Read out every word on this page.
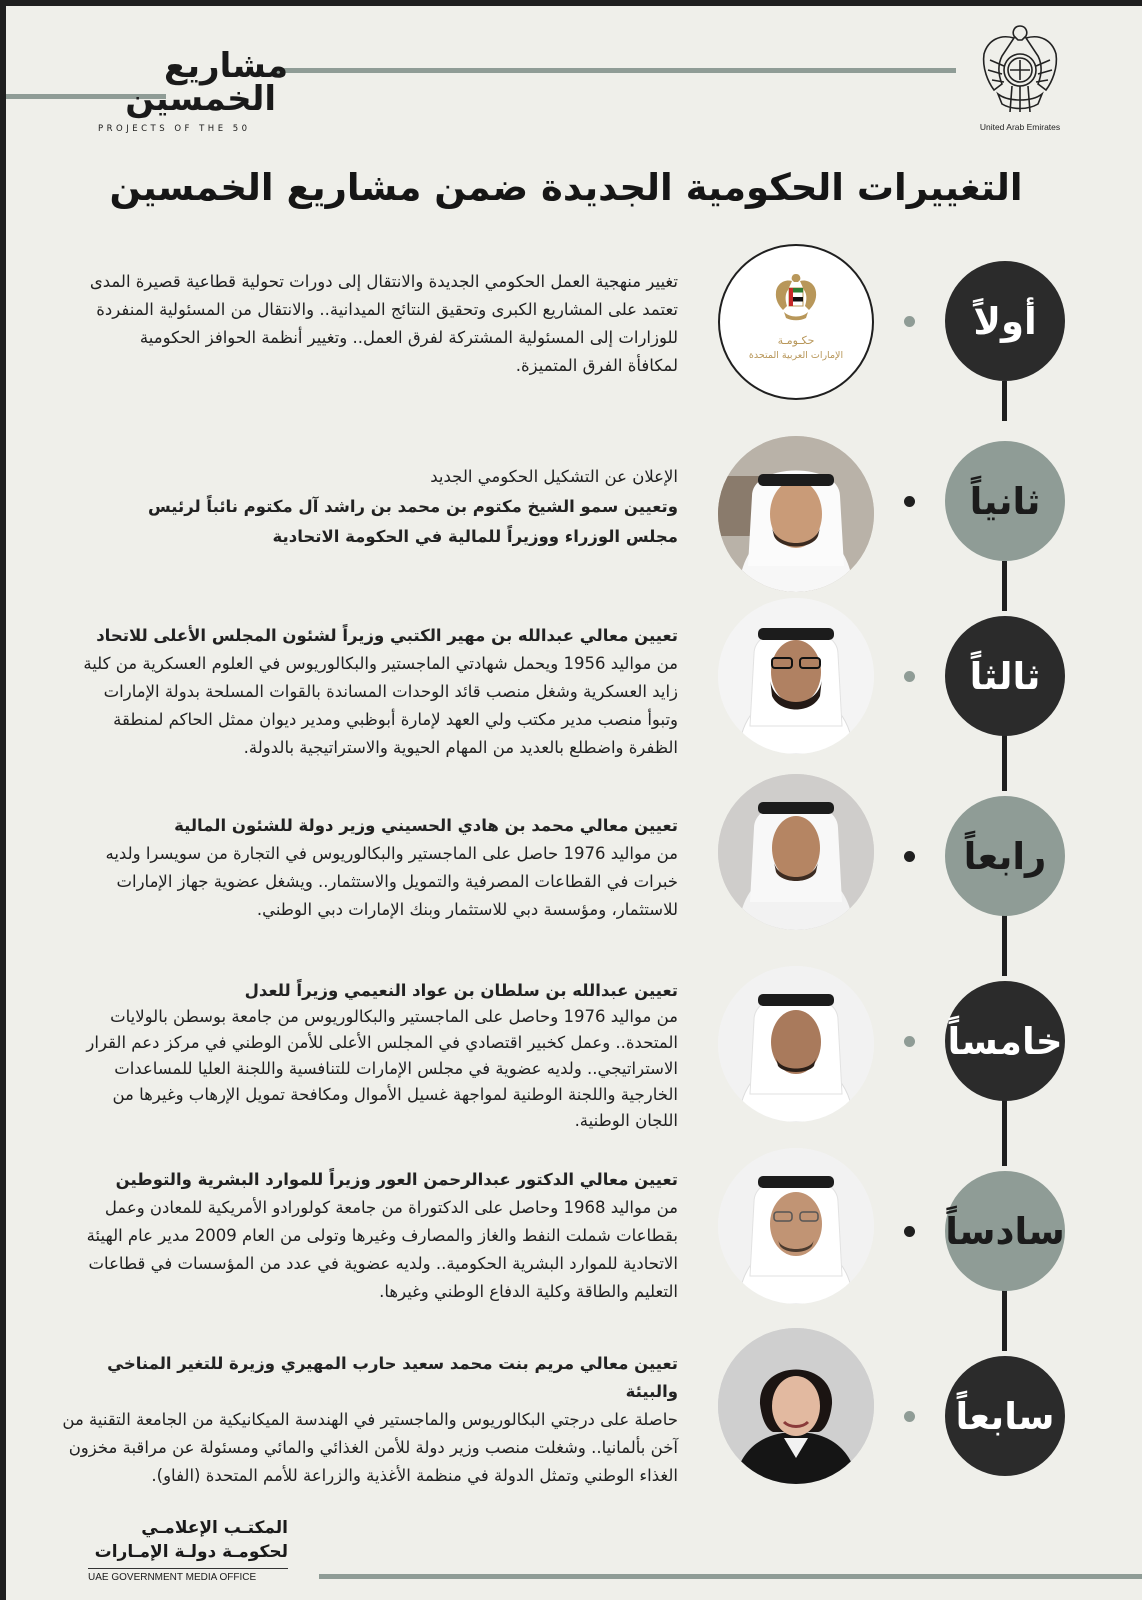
مشاريع
الخمسين
PROJECTS OF THE 50	United Arab Emirates
التغييرات الحكومية الجديدة ضمن مشاريع الخمسين
أولاً
حكـومـة
الإمارات العربية المتحدة
تغيير منهجية العمل الحكومي الجديدة والانتقال إلى دورات تحولية قطاعية قصيرة المدى تعتمد على المشاريع الكبرى وتحقيق النتائج الميدانية.. والانتقال من المسئولية المنفردة للوزارات إلى المسئولية المشتركة لفرق العمل.. وتغيير أنظمة الحوافز الحكومية لمكافأة الفرق المتميزة.
ثانياً
الإعلان عن التشكيل الحكومي الجديد
وتعيين سمو الشيخ مكتوم بن محمد بن راشد آل مكتوم نائباً لرئيس مجلس الوزراء ووزيراً للمالية في الحكومة الاتحادية
ثالثاً
تعيين معالي عبدالله بن مهير الكتبي وزيراً لشئون المجلس الأعلى للاتحاد
من مواليد 1956 ويحمل شهادتي الماجستير والبكالوريوس في العلوم العسكرية من كلية زايد العسكرية وشغل منصب قائد الوحدات المساندة بالقوات المسلحة بدولة الإمارات وتبوأ منصب مدير مكتب ولي العهد لإمارة أبوظبي ومدير ديوان ممثل الحاكم لمنطقة الظفرة واضطلع بالعديد من المهام الحيوية والاستراتيجية بالدولة.
رابعاً
تعيين معالي محمد بن هادي الحسيني وزير دولة للشئون المالية
من مواليد 1976 حاصل على الماجستير والبكالوريوس في التجارة من سويسرا ولديه خبرات في القطاعات المصرفية والتمويل والاستثمار.. ويشغل عضوية جهاز الإمارات للاستثمار، ومؤسسة دبي للاستثمار وبنك الإمارات دبي الوطني.
خامساً
تعيين عبدالله بن سلطان بن عواد النعيمي وزيراً للعدل
من مواليد 1976 وحاصل على الماجستير والبكالوريوس من جامعة بوسطن بالولايات المتحدة.. وعمل كخبير اقتصادي في المجلس الأعلى للأمن الوطني في مركز دعم القرار الاستراتيجي.. ولديه عضوية في مجلس الإمارات للتنافسية واللجنة العليا للمساعدات الخارجية واللجنة الوطنية لمواجهة غسيل الأموال ومكافحة تمويل الإرهاب وغيرها من اللجان الوطنية.
سادساً
تعيين معالي الدكتور عبدالرحمن العور وزيراً للموارد البشرية والتوطين
من مواليد 1968 وحاصل على الدكتوراة من جامعة كولورادو الأمريكية للمعادن وعمل بقطاعات شملت النفط والغاز والمصارف وغيرها وتولى من العام 2009 مدير عام الهيئة الاتحادية للموارد البشرية الحكومية.. ولديه عضوية في عدد من المؤسسات في قطاعات التعليم والطاقة وكلية الدفاع الوطني وغيرها.
سابعاً
تعيين معالي مريم بنت محمد سعيد حارب المهيري وزيرة للتغير المناخي والبيئة
حاصلة على درجتي البكالوريوس والماجستير في الهندسة الميكانيكية من الجامعة التقنية من آخن بألمانيا.. وشغلت منصب وزير دولة للأمن الغذائي والمائي ومسئولة عن مراقبة مخزون الغذاء الوطني وتمثل الدولة في منظمة الأغذية والزراعة للأمم المتحدة (الفاو).
المكتـب الإعلامـي
لحكومـة دولـة الإمـارات
UAE GOVERNMENT MEDIA OFFICE
